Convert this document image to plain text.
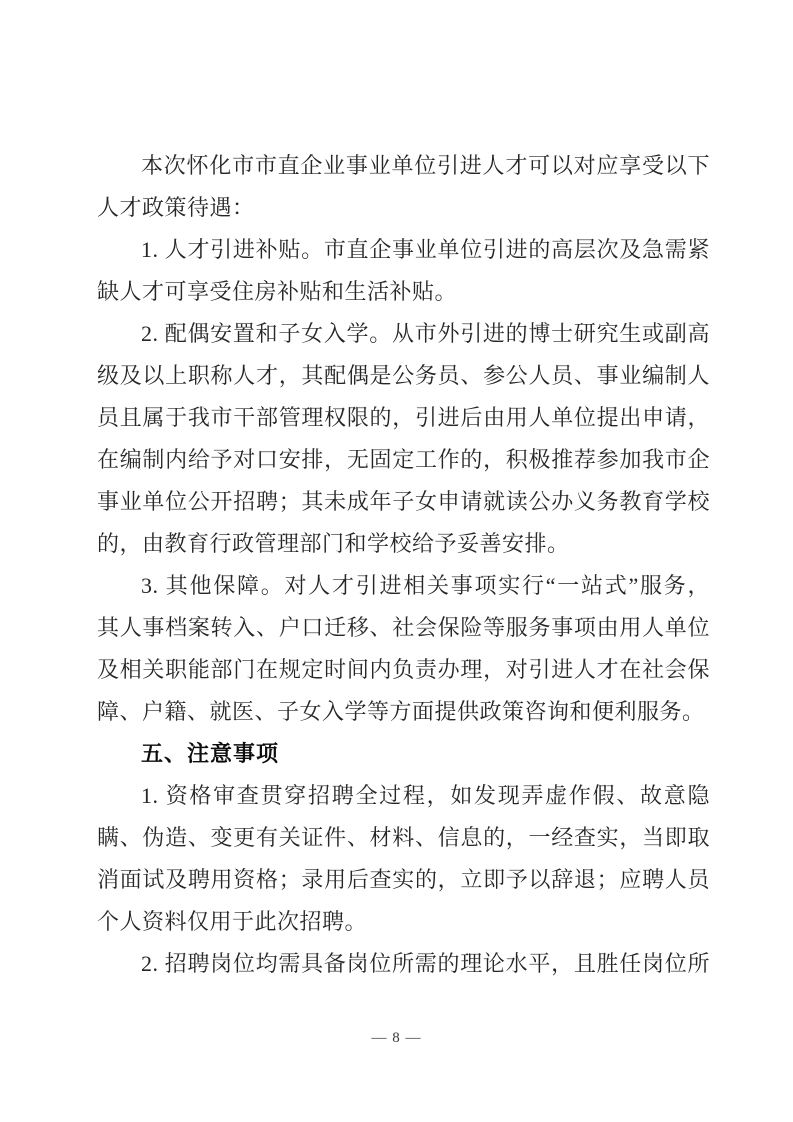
本次怀化市市直企业事业单位引进人才可以对应享受以下
人才政策待遇：
1. 人才引进补贴。市直企事业单位引进的高层次及急需紧
缺人才可享受住房补贴和生活补贴。
2. 配偶安置和子女入学。从市外引进的博士研究生或副高
级及以上职称人才，其配偶是公务员、参公人员、事业编制人
员且属于我市干部管理权限的，引进后由用人单位提出申请，
在编制内给予对口安排，无固定工作的，积极推荐参加我市企
事业单位公开招聘；其未成年子女申请就读公办义务教育学校
的，由教育行政管理部门和学校给予妥善安排。
3. 其他保障。对人才引进相关事项实行“一站式”服务，
其人事档案转入、户口迁移、社会保险等服务事项由用人单位
及相关职能部门在规定时间内负责办理，对引进人才在社会保
障、户籍、就医、子女入学等方面提供政策咨询和便利服务。
五、注意事项
1. 资格审查贯穿招聘全过程，如发现弄虚作假、故意隐
瞒、伪造、变更有关证件、材料、信息的，一经查实，当即取
消面试及聘用资格；录用后查实的，立即予以辞退；应聘人员
个人资料仅用于此次招聘。
2. 招聘岗位均需具备岗位所需的理论水平，且胜任岗位所
— 8 —
